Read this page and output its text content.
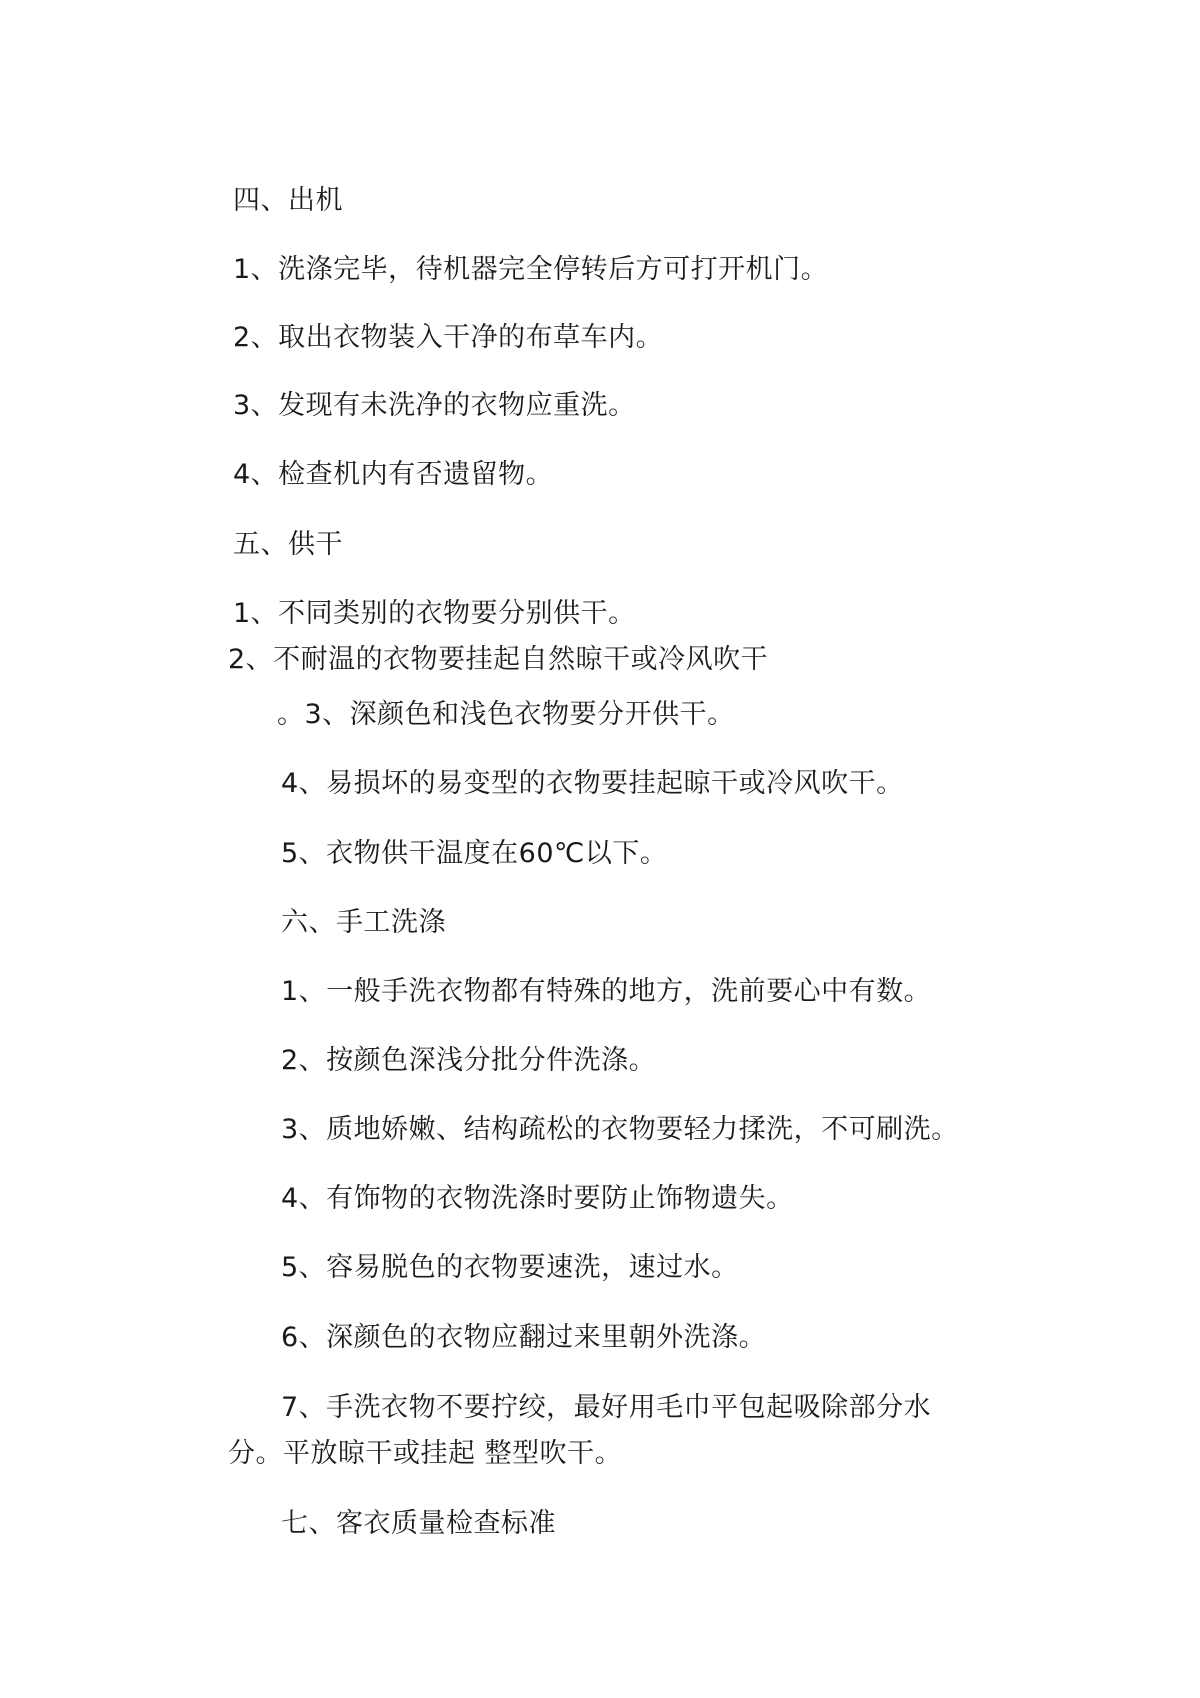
四、出机
1、洗涤完毕，待机器完全停转后方可打开机门。
2、取出衣物装入干净的布草车内。
3、发现有未洗净的衣物应重洗。
4、检查机内有否遗留物。
五、供干
1、不同类别的衣物要分别供干。
2、不耐温的衣物要挂起自然晾干或冷风吹干
。3、深颜色和浅色衣物要分开供干。
4、易损坏的易变型的衣物要挂起晾干或冷风吹干。
5、衣物供干温度在60℃以下。
六、手工洗涤
1、一般手洗衣物都有特殊的地方，洗前要心中有数。
2、按颜色深浅分批分件洗涤。
3、质地娇嫩、结构疏松的衣物要轻力揉洗，不可刷洗。
4、有饰物的衣物洗涤时要防止饰物遗失。
5、容易脱色的衣物要速洗，速过水。
6、深颜色的衣物应翻过来里朝外洗涤。
7、手洗衣物不要拧绞，最好用毛巾平包起吸除部分水
分。平放晾干或挂起 整型吹干。
七、客衣质量检查标准
